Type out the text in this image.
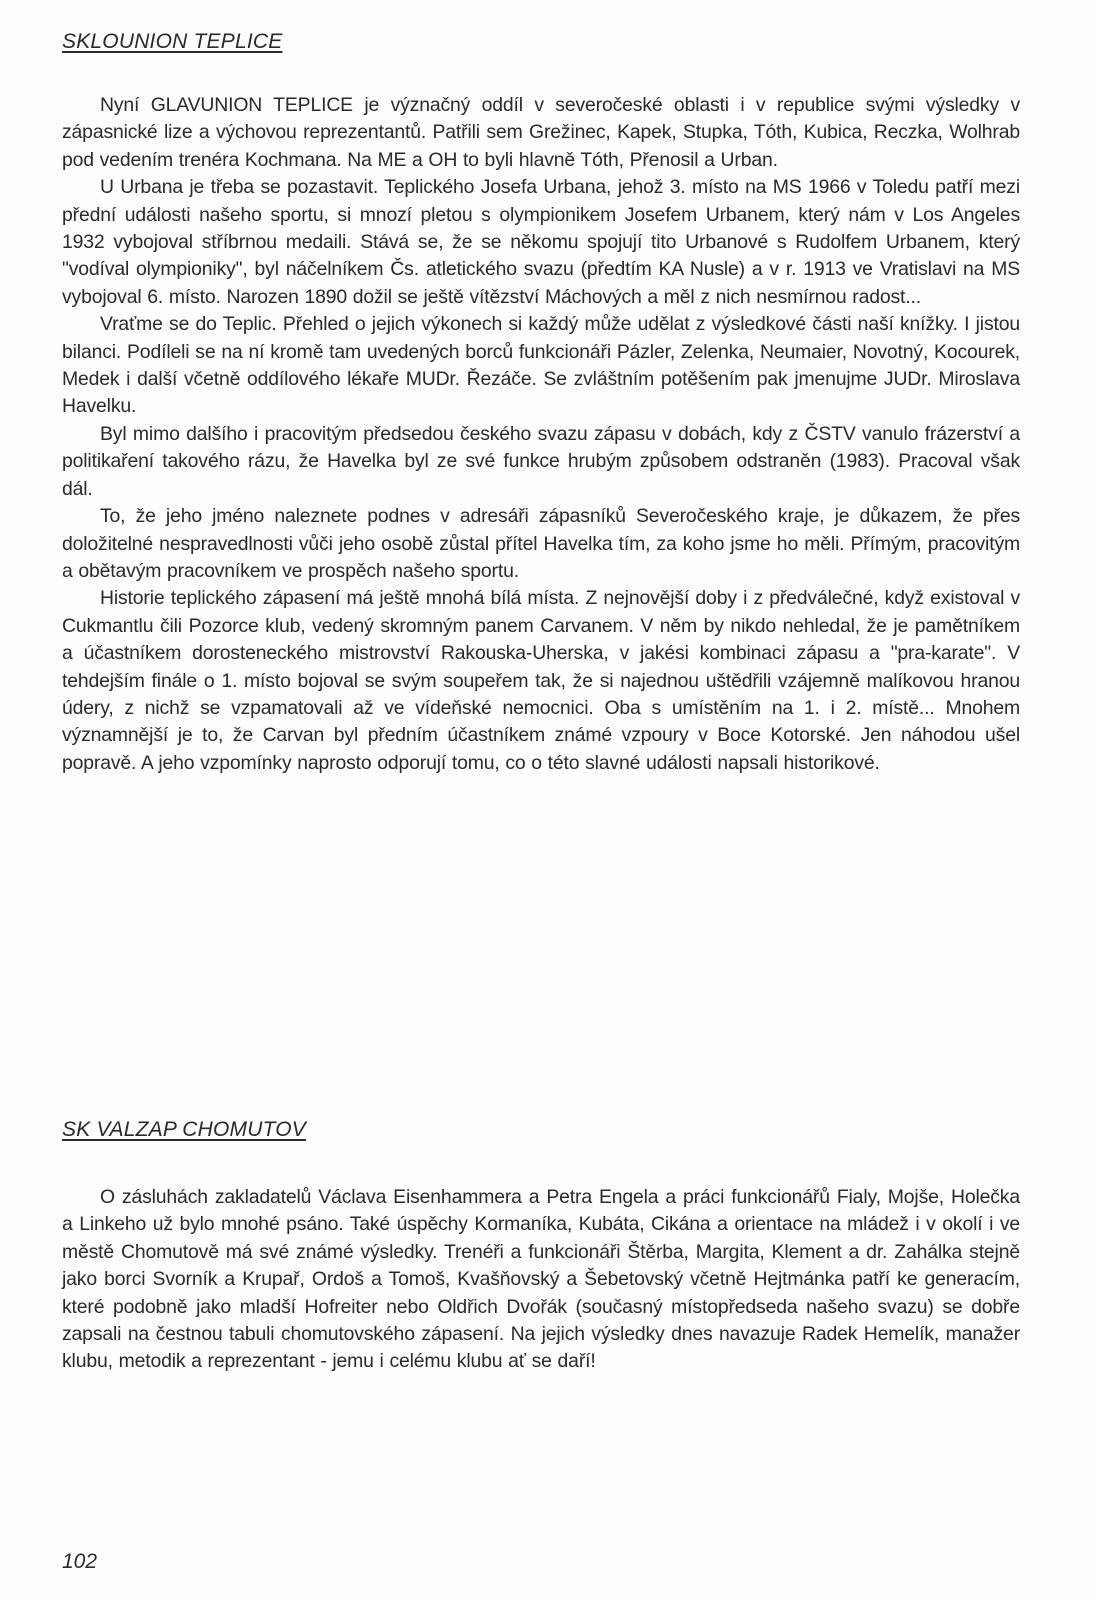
SKLOUNION TEPLICE

Nyní GLAVUNION TEPLICE je význačný oddíl v severočeské oblasti i v republice svými výsledky v zápasnické lize a výchovou reprezentantů. Patřili sem Grežinec, Kapek, Stupka, Tóth, Kubica, Reczka, Wolhrab pod vedením trenéra Kochmana. Na ME a OH to byli hlavně Tóth, Přenosil a Urban.

U Urbana je třeba se pozastavit. Teplického Josefa Urbana, jehož 3. místo na MS 1966 v Toledu patří mezi přední události našeho sportu, si mnozí pletou s olympionikem Josefem Urbanem, který nám v Los Angeles 1932 vybojoval stříbrnou medaili. Stává se, že se někomu spojují tito Urbanové s Rudolfem Urbanem, který "vodíval olympioniky", byl náčelníkem Čs. atletického svazu (předtím KA Nusle) a v r. 1913 ve Vratislavi na MS vybojoval 6. místo. Narozen 1890 dožil se ještě vítězství Máchových a měl z nich nesmírnou radost...

Vraťme se do Teplic. Přehled o jejich výkonech si každý může udělat z výsledkové části naší knížky. I jistou bilanci. Podíleli se na ní kromě tam uvedených borců funkcionáři Pázler, Zelenka, Neumaier, Novotný, Kocourek, Medek i další včetně oddílového lékaře MUDr. Řezáče. Se zvláštním potěšením pak jmenujme JUDr. Miroslava Havelku.

Byl mimo dalšího i pracovitým předsedou českého svazu zápasu v dobách, kdy z ČSTV vanulo frázerství a politikaření takového rázu, že Havelka byl ze své funkce hrubým způsobem odstraněn (1983). Pracoval však dál.

To, že jeho jméno naleznete podnes v adresáři zápasníků Severočeského kraje, je důkazem, že přes doložitelné nespravedlnosti vůči jeho osobě zůstal přítel Havelka tím, za koho jsme ho měli. Přímým, pracovitým a obětavým pracovníkem ve prospěch našeho sportu.

Historie teplického zápasení má ještě mnohá bílá místa. Z nejnovější doby i z předválečné, když existoval v Cukmantlu čili Pozorce klub, vedený skromným panem Carvanem. V něm by nikdo nehledal, že je pamětníkem a účastníkem dorosteneckého mistrovství Rakouska-Uherska, v jakési kombinaci zápasu a "pra-karate". V tehdejším finále o 1. místo bojoval se svým soupeřem tak, že si najednou uštědřili vzájemně malíkovou hranou údery, z nichž se vzpamatovali až ve vídeňské nemocnici. Oba s umístěním na 1. i 2. místě... Mnohem významnější je to, že Carvan byl předním účastníkem známé vzpoury v Boce Kotorské. Jen náhodou ušel popravě. A jeho vzpomínky naprosto odporují tomu, co o této slavné události napsali historikové.

SK VALZAP CHOMUTOV

O zásluhách zakladatelů Václava Eisenhammera a Petra Engela a práci funkcionářů Fialy, Mojše, Holečka a Linkeho už bylo mnohé psáno. Také úspěchy Kormaníka, Kubáta, Cikána a orientace na mládež i v okolí i ve městě Chomutově má své známé výsledky. Trenéři a funkcionáři Štěrba, Margita, Klement a dr. Zahálka stejně jako borci Svorník a Krupař, Ordoš a Tomoš, Kvašňovský a Šebetovský včetně Hejtmánka patří ke generacím, které podobně jako mladší Hofreiter nebo Oldřich Dvořák (současný místopředseda našeho svazu) se dobře zapsali na čestnou tabuli chomutovského zápasení. Na jejich výsledky dnes navazuje Radek Hemelík, manažer klubu, metodik a reprezentant - jemu i celému klubu ať se daří!

102
